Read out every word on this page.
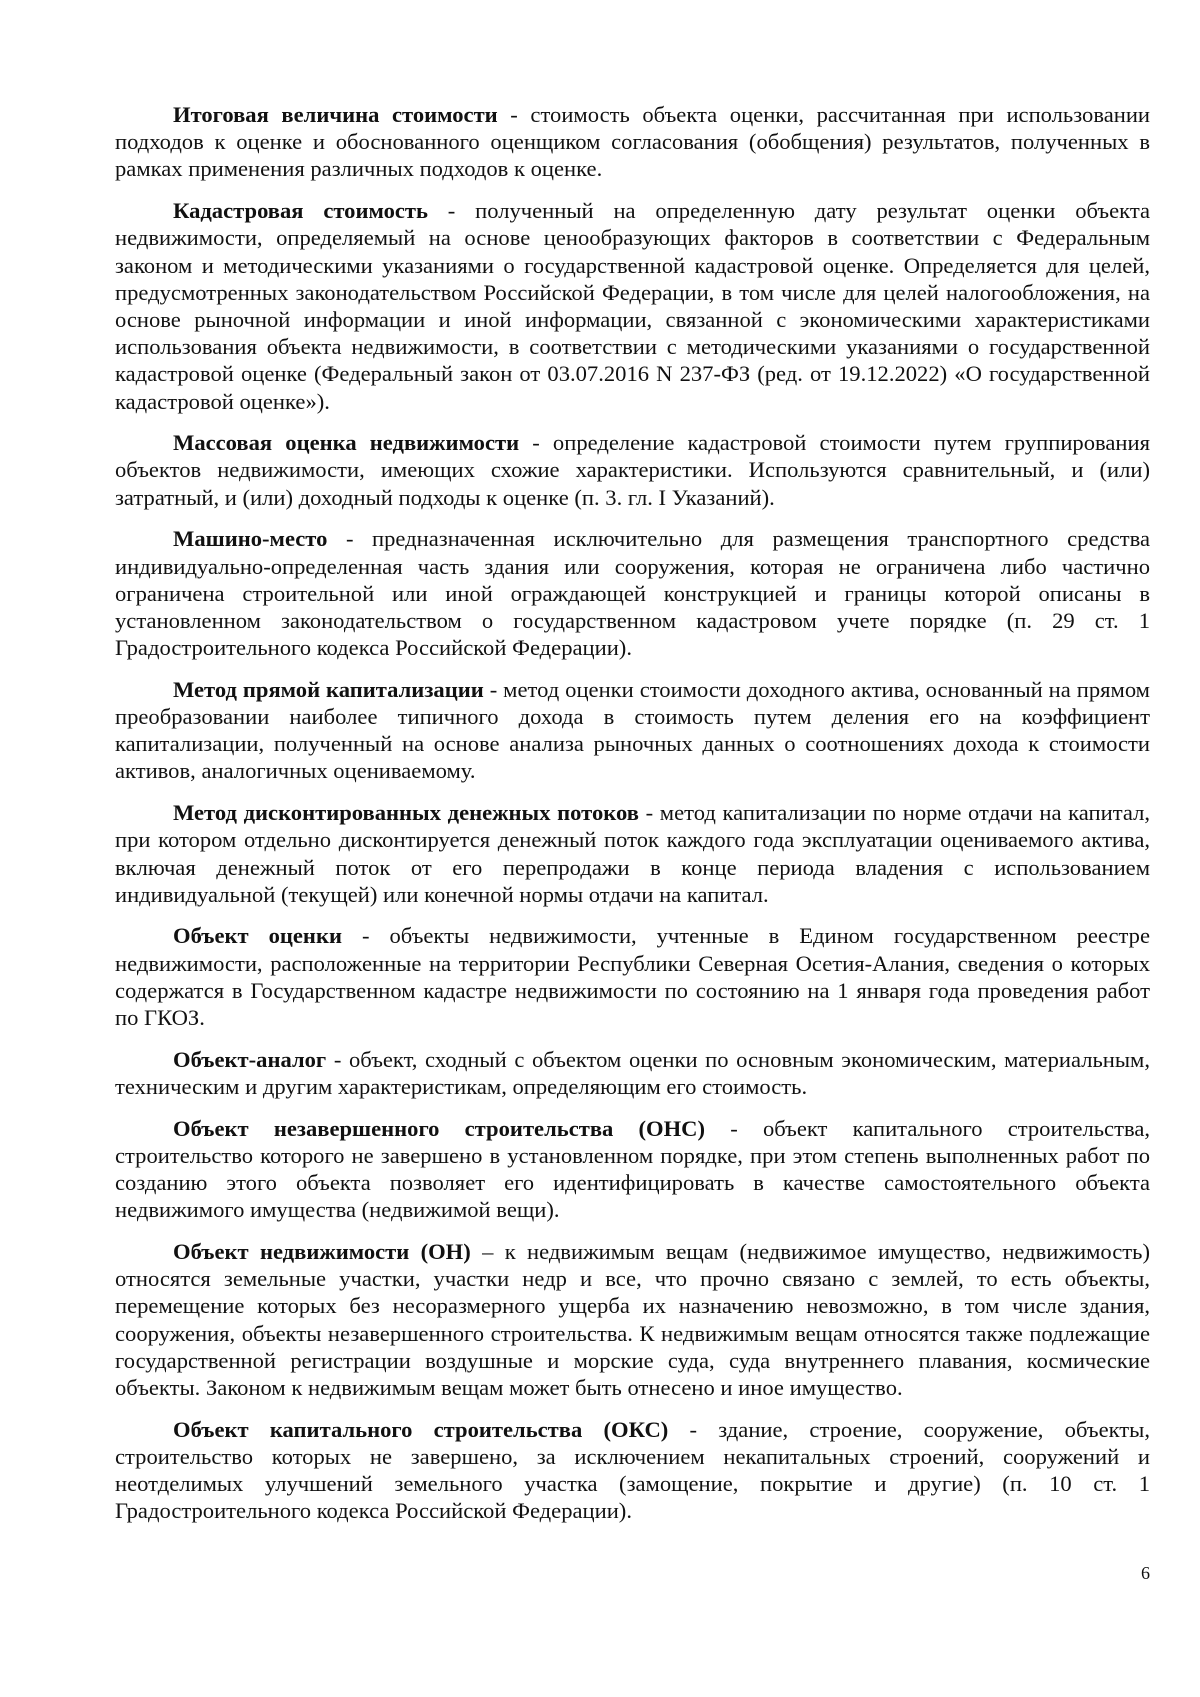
Итоговая величина стоимости - стоимость объекта оценки, рассчитанная при использовании подходов к оценке и обоснованного оценщиком согласования (обобщения) результатов, полученных в рамках применения различных подходов к оценке.

Кадастровая стоимость - полученный на определенную дату результат оценки объекта недвижимости, определяемый на основе ценообразующих факторов в соответствии с Федеральным законом и методическими указаниями о государственной кадастровой оценке. Определяется для целей, предусмотренных законодательством Российской Федерации, в том числе для целей налогообложения, на основе рыночной информации и иной информации, связанной с экономическими характеристиками использования объекта недвижимости, в соответствии с методическими указаниями о государственной кадастровой оценке (Федеральный закон от 03.07.2016 N 237-ФЗ (ред. от 19.12.2022) «О государственной кадастровой оценке»).

Массовая оценка недвижимости - определение кадастровой стоимости путем группирования объектов недвижимости, имеющих схожие характеристики. Используются сравнительный, и (или) затратный, и (или) доходный подходы к оценке (п. 3. гл. I Указаний).

Машино-место - предназначенная исключительно для размещения транспортного средства индивидуально-определенная часть здания или сооружения, которая не ограничена либо частично ограничена строительной или иной ограждающей конструкцией и границы которой описаны в установленном законодательством о государственном кадастровом учете порядке (п. 29 ст. 1 Градостроительного кодекса Российской Федерации).

Метод прямой капитализации - метод оценки стоимости доходного актива, основанный на прямом преобразовании наиболее типичного дохода в стоимость путем деления его на коэффициент капитализации, полученный на основе анализа рыночных данных о соотношениях дохода к стоимости активов, аналогичных оцениваемому.

Метод дисконтированных денежных потоков - метод капитализации по норме отдачи на капитал, при котором отдельно дисконтируется денежный поток каждого года эксплуатации оцениваемого актива, включая денежный поток от его перепродажи в конце периода владения с использованием индивидуальной (текущей) или конечной нормы отдачи на капитал.

Объект оценки - объекты недвижимости, учтенные в Едином государственном реестре недвижимости, расположенные на территории Республики Северная Осетия-Алания, сведения о которых содержатся в Государственном кадастре недвижимости по состоянию на 1 января года проведения работ по ГКОЗ.

Объект-аналог - объект, сходный с объектом оценки по основным экономическим, материальным, техническим и другим характеристикам, определяющим его стоимость.

Объект незавершенного строительства (ОНС) - объект капитального строительства, строительство которого не завершено в установленном порядке, при этом степень выполненных работ по созданию этого объекта позволяет его идентифицировать в качестве самостоятельного объекта недвижимого имущества (недвижимой вещи).

Объект недвижимости (ОН) – к недвижимым вещам (недвижимое имущество, недвижимость) относятся земельные участки, участки недр и все, что прочно связано с землей, то есть объекты, перемещение которых без несоразмерного ущерба их назначению невозможно, в том числе здания, сооружения, объекты незавершенного строительства. К недвижимым вещам относятся также подлежащие государственной регистрации воздушные и морские суда, суда внутреннего плавания, космические объекты. Законом к недвижимым вещам может быть отнесено и иное имущество.

Объект капитального строительства (ОКС) - здание, строение, сооружение, объекты, строительство которых не завершено, за исключением некапитальных строений, сооружений и неотделимых улучшений земельного участка (замощение, покрытие и другие) (п. 10 ст. 1 Градостроительного кодекса Российской Федерации).

6
